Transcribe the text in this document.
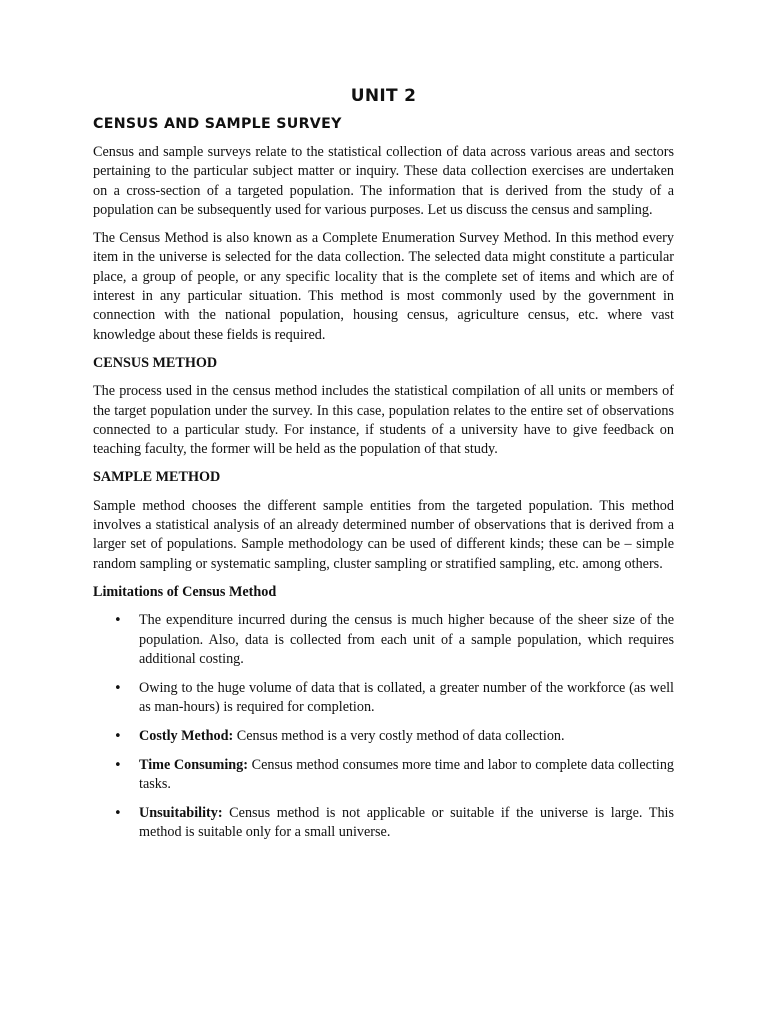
UNIT 2
CENSUS AND SAMPLE SURVEY

Census and sample surveys relate to the statistical collection of data across various areas and sectors pertaining to the particular subject matter or inquiry. These data collection exercises are undertaken on a cross-section of a targeted population. The information that is derived from the study of a population can be subsequently used for various purposes. Let us discuss the census and sampling.

The Census Method is also known as a Complete Enumeration Survey Method. In this method every item in the universe is selected for the data collection. The selected data might constitute a particular place, a group of people, or any specific locality that is the complete set of items and which are of interest in any particular situation. This method is most commonly used by the government in connection with the national population, housing census, agriculture census, etc. where vast knowledge about these fields is required.

CENSUS METHOD

The process used in the census method includes the statistical compilation of all units or members of the target population under the survey. In this case, population relates to the entire set of observations connected to a particular study. For instance, if students of a university have to give feedback on teaching faculty, the former will be held as the population of that study.

SAMPLE METHOD

Sample method chooses the different sample entities from the targeted population. This method involves a statistical analysis of an already determined number of observations that is derived from a larger set of populations. Sample methodology can be used of different kinds; these can be – simple random sampling or systematic sampling, cluster sampling or stratified sampling, etc. among others.

Limitations of Census Method
• The expenditure incurred during the census is much higher because of the sheer size of the population. Also, data is collected from each unit of a sample population, which requires additional costing.
• Owing to the huge volume of data that is collated, a greater number of the workforce (as well as man-hours) is required for completion.
• Costly Method: Census method is a very costly method of data collection.
• Time Consuming: Census method consumes more time and labor to complete data collecting tasks.
• Unsuitability: Census method is not applicable or suitable if the universe is large. This method is suitable only for a small universe.
